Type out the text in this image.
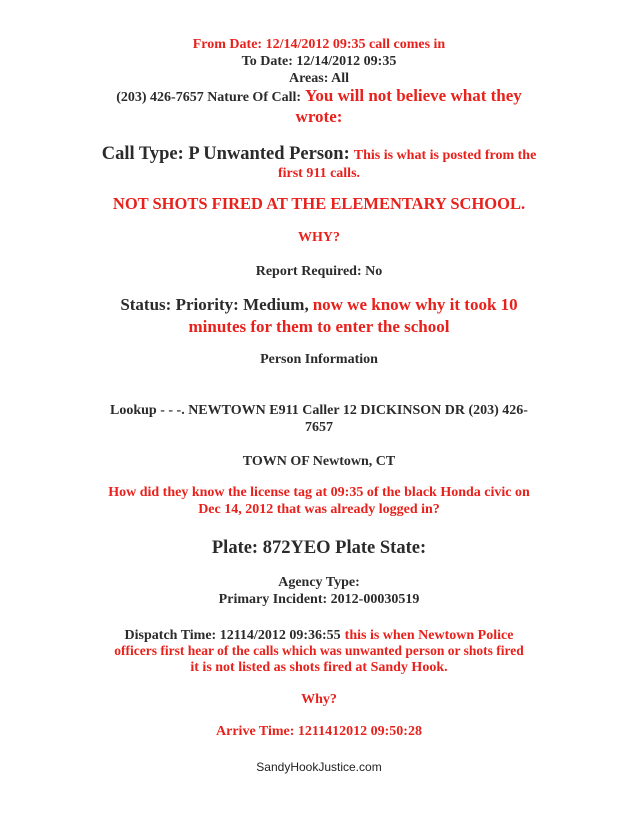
From Date: 12/14/2012 09:35 call comes in
To Date: 12/14/2012 09:35
Areas: All
(203) 426-7657 Nature Of Call: You will not believe what they
wrote:
Call Type: P Unwanted Person: This is what is posted from the
first 911 calls.
NOT SHOTS FIRED AT THE ELEMENTARY SCHOOL.
WHY?
Report Required: No
Status: Priority: Medium, now we know why it took 10
minutes for them to enter the school
Person Information
Lookup - - -. NEWTOWN E911 Caller 12 DICKINSON DR (203) 426-
7657
TOWN OF Newtown, CT
How did they know the license tag at 09:35 of the black Honda civic on
Dec 14, 2012 that was already logged in?
Plate: 872YEO Plate State:
Agency Type:
Primary Incident: 2012-00030519
Dispatch Time: 12114/2012 09:36:55 this is when Newtown Police
officers first hear of the calls which was unwanted person or shots fired
it is not listed as shots fired at Sandy Hook.
Why?
Arrive Time: 1211412012 09:50:28
SandyHookJustice.com
